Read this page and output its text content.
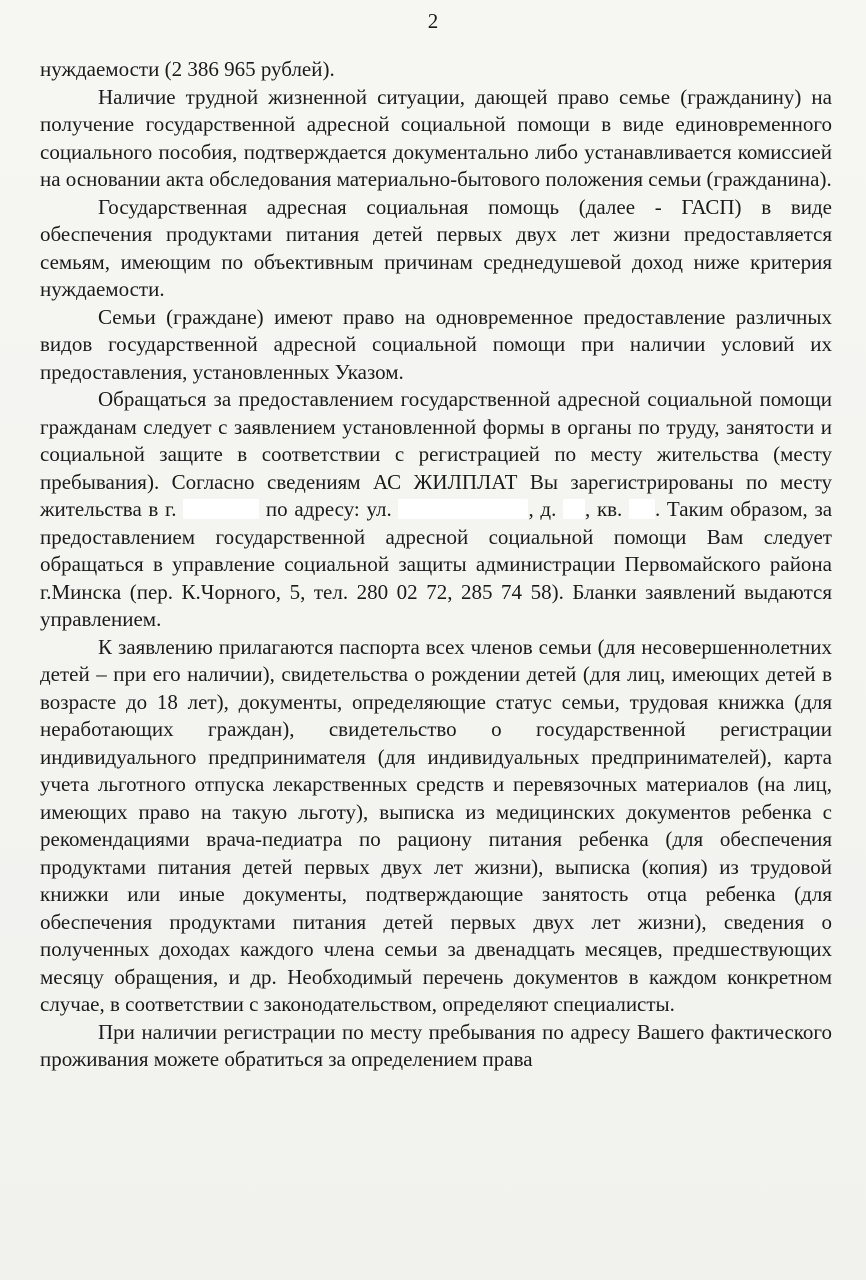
2

нуждаемости (2 386 965 рублей).

Наличие трудной жизненной ситуации, дающей право семье (гражданину) на получение государственной адресной социальной помощи в виде единовременного социального пособия, подтверждается документально либо устанавливается комиссией на основании акта обследования материально-бытового положения семьи (гражданина).

Государственная адресная социальная помощь (далее - ГАСП) в виде обеспечения продуктами питания детей первых двух лет жизни предоставляется семьям, имеющим по объективным причинам среднедушевой доход ниже критерия нуждаемости.

Семьи (граждане) имеют право на одновременное предоставление различных видов государственной адресной социальной помощи при наличии условий их предоставления, установленных Указом.

Обращаться за предоставлением государственной адресной социальной помощи гражданам следует с заявлением установленной формы в органы по труду, занятости и социальной защите в соответствии с регистрацией по месту жительства (месту пребывания). Согласно сведениям АС ЖИЛПЛАТ Вы зарегистрированы по месту жительства в г.	по адресу: ул.	, д. , кв. . Таким образом, за предоставлением государственной адресной социальной помощи Вам следует обращаться в управление социальной защиты администрации Первомайского района г.Минска (пер. К.Чорного, 5, тел. 280 02 72, 285 74 58). Бланки заявлений выдаются управлением.

К заявлению прилагаются паспорта всех членов семьи (для несовершеннолетних детей – при его наличии), свидетельства о рождении детей (для лиц, имеющих детей в возрасте до 18 лет), документы, определяющие статус семьи, трудовая книжка (для неработающих граждан), свидетельство о государственной регистрации индивидуального предпринимателя (для индивидуальных предпринимателей), карта учета льготного отпуска лекарственных средств и перевязочных материалов (на лиц, имеющих право на такую льготу), выписка из медицинских документов ребенка с рекомендациями врача-педиатра по рациону питания ребенка (для обеспечения продуктами питания детей первых двух лет жизни), выписка (копия) из трудовой книжки или иные документы, подтверждающие занятость отца ребенка (для обеспечения продуктами питания детей первых двух лет жизни), сведения о полученных доходах каждого члена семьи за двенадцать месяцев, предшествующих месяцу обращения, и др. Необходимый перечень документов в каждом конкретном случае, в соответствии с законодательством, определяют специалисты.

При наличии регистрации по месту пребывания по адресу Вашего фактического проживания можете обратиться за определением права
